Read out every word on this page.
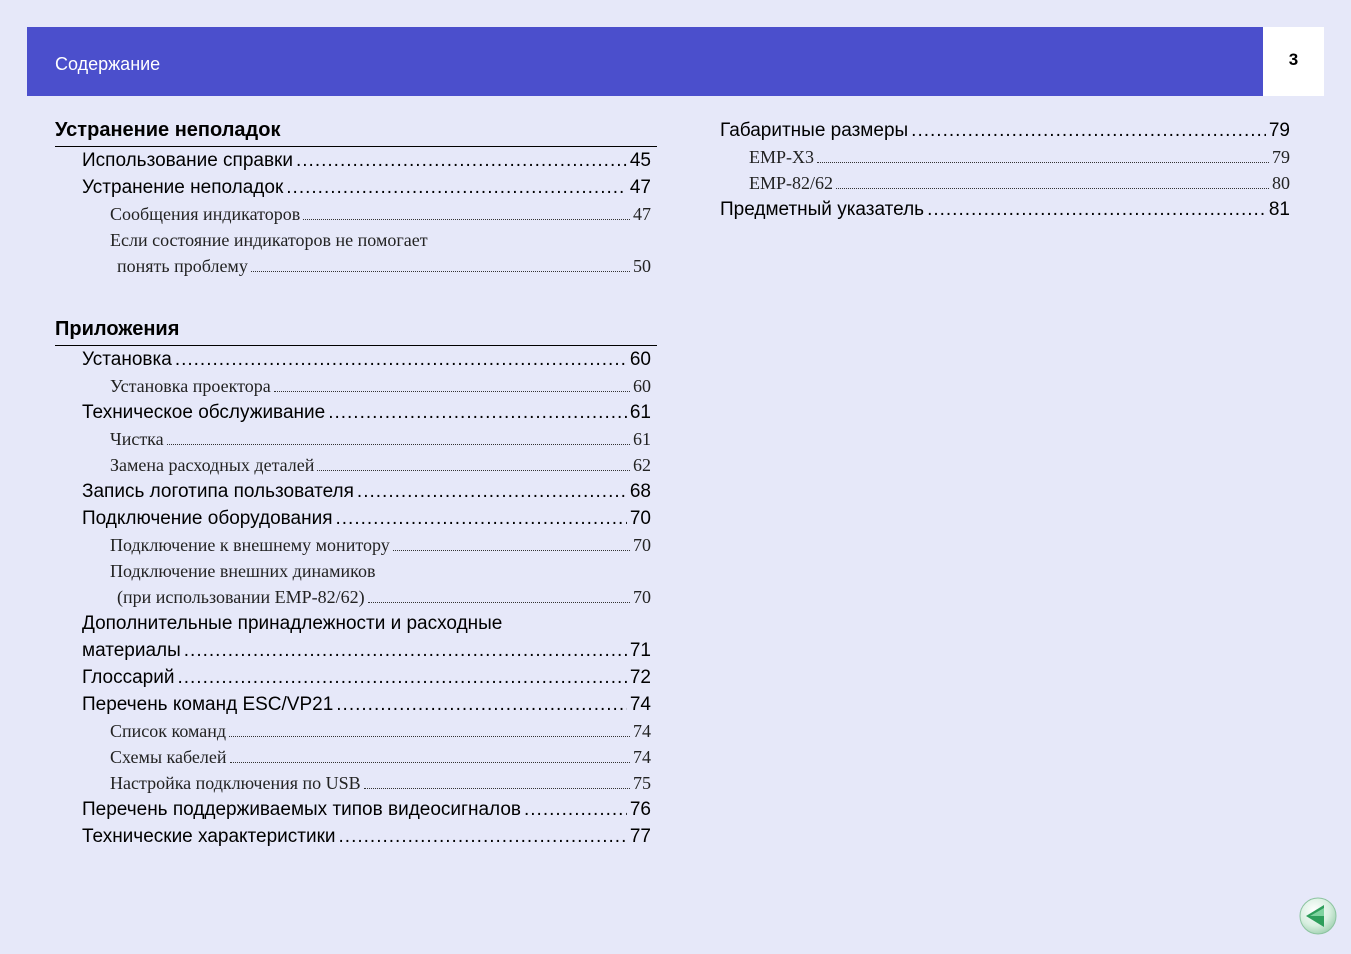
Содержание	3
Устранение неполадок
Использование справки .....	45
Устранение неполадок .....	47
Сообщения индикаторов	47
Если состояние индикаторов не помогает
понять проблему	50
Приложения
Установка .....	60
Установка проектора	60
Техническое обслуживание .....	61
Чистка	61
Замена расходных деталей	62
Запись логотипа пользователя .....	68
Подключение оборудования .....	70
Подключение к внешнему монитору	70
Подключение внешних динамиков
(при использовании EMP-82/62)	70
Дополнительные принадлежности и расходные
материалы .....	71
Глоссарий .....	72
Перечень команд ESC/VP21 .....	74
Список команд	74
Схемы кабелей	74
Настройка подключения по USB	75
Перечень поддерживаемых типов видеосигналов .....	76
Технические характеристики .....	77
Габаритные размеры .....	79
EMP-X3	79
EMP-82/62	80
Предметный указатель .....	81
